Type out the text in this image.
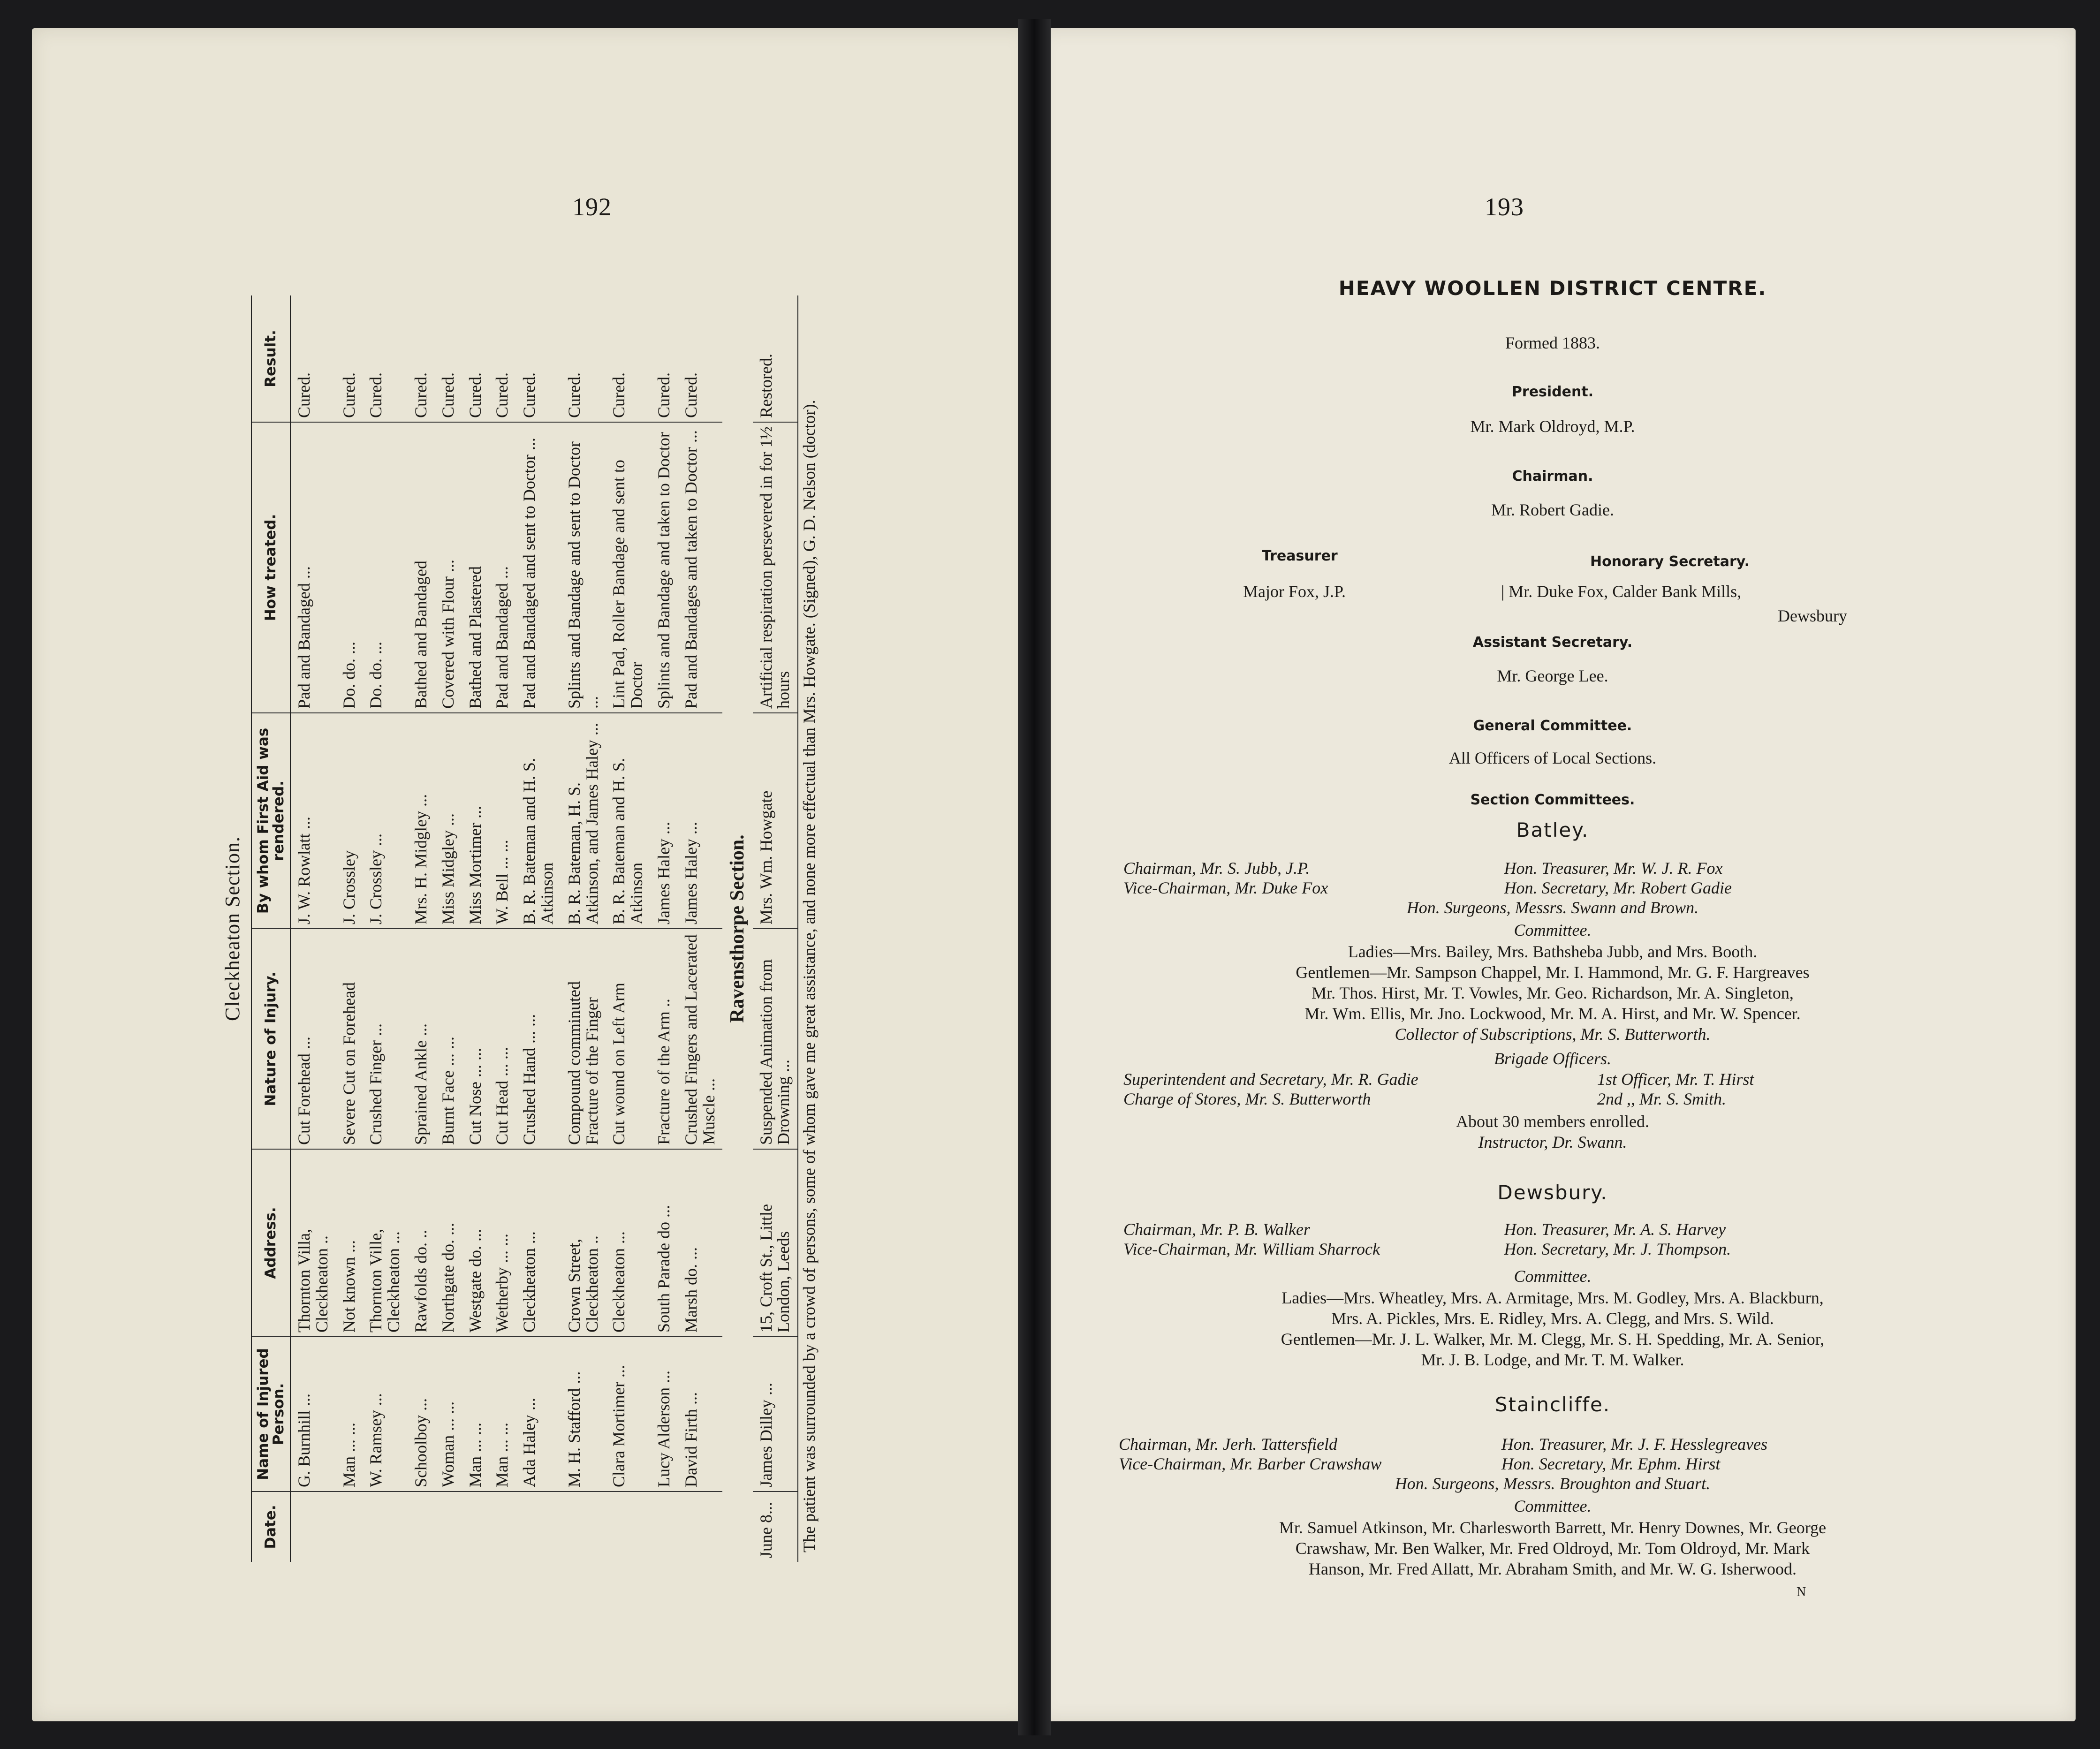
192
Cleckheaton Section.
Date.	Name of Injured Person.	Address.	Nature of Injury.	By whom First Aid was rendered.	How treated.	Result.
	G. Burnhill ...	Thornton Villa, Cleckheaton ..	Cut Forehead ...	J. W. Rowlatt ...	Pad and Bandaged ...	Cured.
	Man ... ...	Not known ...	Severe Cut on Forehead	J. Crossley	Do. do. ...	Cured.
	W. Ramsey ...	Thornton Ville, Cleckheaton ...	Crushed Finger ...	J. Crossley ...	Do. do. ...	Cured.
	Schoolboy ...	Rawfolds do. ..	Sprained Ankle ...	Mrs. H. Midgley ...	Bathed and Bandaged	Cured.
	Woman ... ...	Northgate do. ...	Burnt Face ... ...	Miss Midgley ...	Covered with Flour ...	Cured.
	Man ... ...	Westgate do. ...	Cut Nose ... ...	Miss Mortimer ...	Bathed and Plastered	Cured.
	Man ... ...	Wetherby ... ...	Cut Head ... ...	W. Bell ... ...	Pad and Bandaged ...	Cured.
	Ada Haley ...	Cleckheaton ...	Crushed Hand ... ...	B. R. Bateman and H. S. Atkinson	Pad and Bandaged and sent to Doctor ...	Cured.
	M. H. Stafford ...	Crown Street, Cleckheaton ..	Compound comminuted Fracture of the Finger	B. R. Bateman, H. S. Atkinson, and James Haley ...	Splints and Bandage and sent to Doctor ...	Cured.
	Clara Mortimer ...	Cleckheaton ...	Cut wound on Left Arm	B. R. Bateman and H. S. Atkinson	Lint Pad, Roller Bandage and sent to Doctor	Cured.
	Lucy Alderson ...	South Parade do ...	Fracture of the Arm ..	James Haley ...	Splints and Bandage and taken to Doctor	Cured.
	David Firth ...	Marsh do. ...	Crushed Fingers and Lacerated Muscle ...	James Haley ...	Pad and Bandages and taken to Doctor ...	Cured.
Ravensthorpe Section.						
June 8...	James Dilley ...	15, Croft St., Little London, Leeds	Suspended Animation from Drowning ...	Mrs. Wm. Howgate	Artificial respiration persevered in for 1½ hours	Restored.
The patient was surrounded by a crowd of persons, some of whom gave me great assistance, and none more effectual than Mrs. Howgate. (Signed), G. D. Nelson (doctor).
193
HEAVY WOOLLEN DISTRICT CENTRE.
Formed 1883.
President.
Mr. Mark Oldroyd, M.P.
Chairman.
Mr. Robert Gadie.
Treasurer	Honorary Secretary.
Major Fox, J.P.	| Mr. Duke Fox, Calder Bank Mills,
Dewsbury
Assistant Secretary.
Mr. George Lee.
General Committee.
All Officers of Local Sections.
Section Committees.
Batley.
Chairman, Mr. S. Jubb, J.P.	Hon. Treasurer, Mr. W. J. R. Fox
Vice-Chairman, Mr. Duke Fox	Hon. Secretary, Mr. Robert Gadie
Hon. Surgeons, Messrs. Swann and Brown.
Committee.
Ladies—Mrs. Bailey, Mrs. Bathsheba Jubb, and Mrs. Booth.
Gentlemen—Mr. Sampson Chappel, Mr. I. Hammond, Mr. G. F. Hargreaves
Mr. Thos. Hirst, Mr. T. Vowles, Mr. Geo. Richardson, Mr. A. Singleton,
Mr. Wm. Ellis, Mr. Jno. Lockwood, Mr. M. A. Hirst, and Mr. W. Spencer.
Collector of Subscriptions, Mr. S. Butterworth.
Brigade Officers.
Superintendent and Secretary, Mr. R. Gadie	1st Officer, Mr. T. Hirst
Charge of Stores, Mr. S. Butterworth	2nd ,, Mr. S. Smith.
About 30 members enrolled.
Instructor, Dr. Swann.
Dewsbury.
Chairman, Mr. P. B. Walker	Hon. Treasurer, Mr. A. S. Harvey
Vice-Chairman, Mr. William Sharrock	Hon. Secretary, Mr. J. Thompson.
Committee.
Ladies—Mrs. Wheatley, Mrs. A. Armitage, Mrs. M. Godley, Mrs. A. Blackburn,
Mrs. A. Pickles, Mrs. E. Ridley, Mrs. A. Clegg, and Mrs. S. Wild.
Gentlemen—Mr. J. L. Walker, Mr. M. Clegg, Mr. S. H. Spedding, Mr. A. Senior,
Mr. J. B. Lodge, and Mr. T. M. Walker.
Staincliffe.
Chairman, Mr. Jerh. Tattersfield	Hon. Treasurer, Mr. J. F. Hesslegreaves
Vice-Chairman, Mr. Barber Crawshaw	Hon. Secretary, Mr. Ephm. Hirst
Hon. Surgeons, Messrs. Broughton and Stuart.
Committee.
Mr. Samuel Atkinson, Mr. Charlesworth Barrett, Mr. Henry Downes, Mr. George
Crawshaw, Mr. Ben Walker, Mr. Fred Oldroyd, Mr. Tom Oldroyd, Mr. Mark
Hanson, Mr. Fred Allatt, Mr. Abraham Smith, and Mr. W. G. Isherwood.
N
